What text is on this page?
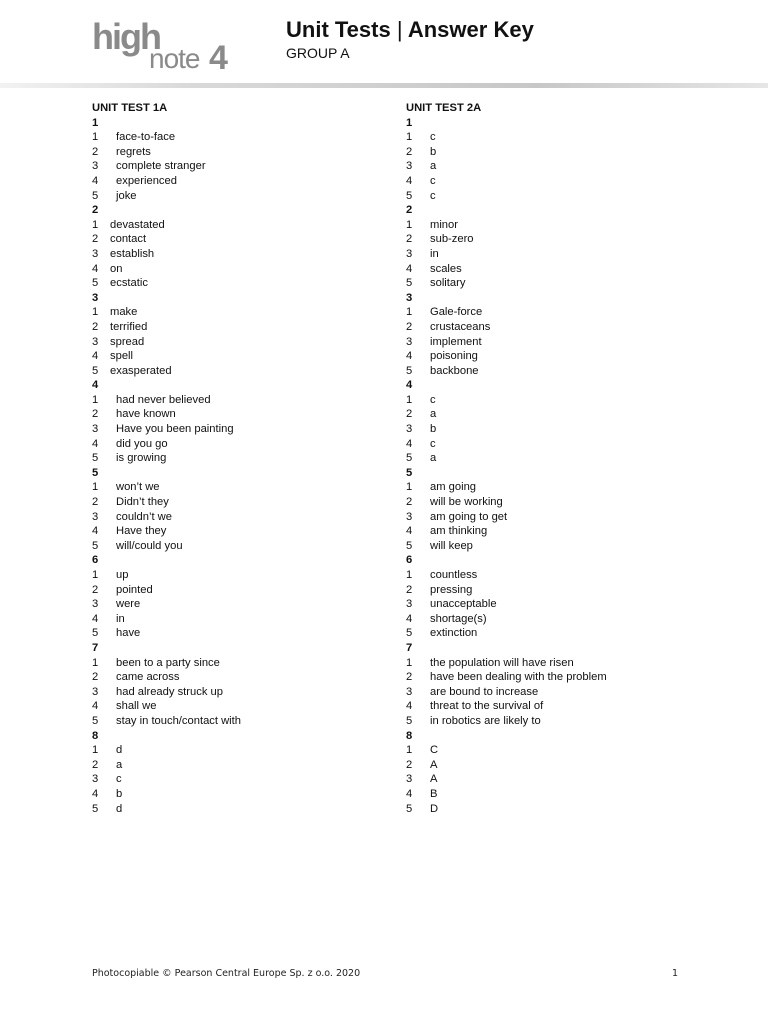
high
note 4
Unit Tests | Answer Key
GROUP A
UNIT TEST 1A
1
1	face-to-face
2	regrets
3	complete stranger
4	experienced
5	joke
2
1	devastated
2	contact
3	establish
4	on
5	ecstatic
3
1	make
2	terrified
3	spread
4	spell
5	exasperated
4
1	had never believed
2	have known
3	Have you been painting
4	did you go
5	is growing
5
1	won’t we
2	Didn’t they
3	couldn’t we
4	Have they
5	will/could you
6
1	up
2	pointed
3	were
4	in
5	have
7
1	been to a party since
2	came across
3	had already struck up
4	shall we
5	stay in touch/contact with
8
1	d
2	a
3	c
4	b
5	d
UNIT TEST 2A
1
1	c
2	b
3	a
4	c
5	c
2
1	minor
2	sub-zero
3	in
4	scales
5	solitary
3
1	Gale-force
2	crustaceans
3	implement
4	poisoning
5	backbone
4
1	c
2	a
3	b
4	c
5	a
5
1	am going
2	will be working
3	am going to get
4	am thinking
5	will keep
6
1	countless
2	pressing
3	unacceptable
4	shortage(s)
5	extinction
7
1	the population will have risen
2	have been dealing with the problem
3	are bound to increase
4	threat to the survival of
5	in robotics are likely to
8
1	C
2	A
3	A
4	B
5	D
Photocopiable © Pearson Central Europe Sp. z o.o. 2020	1
